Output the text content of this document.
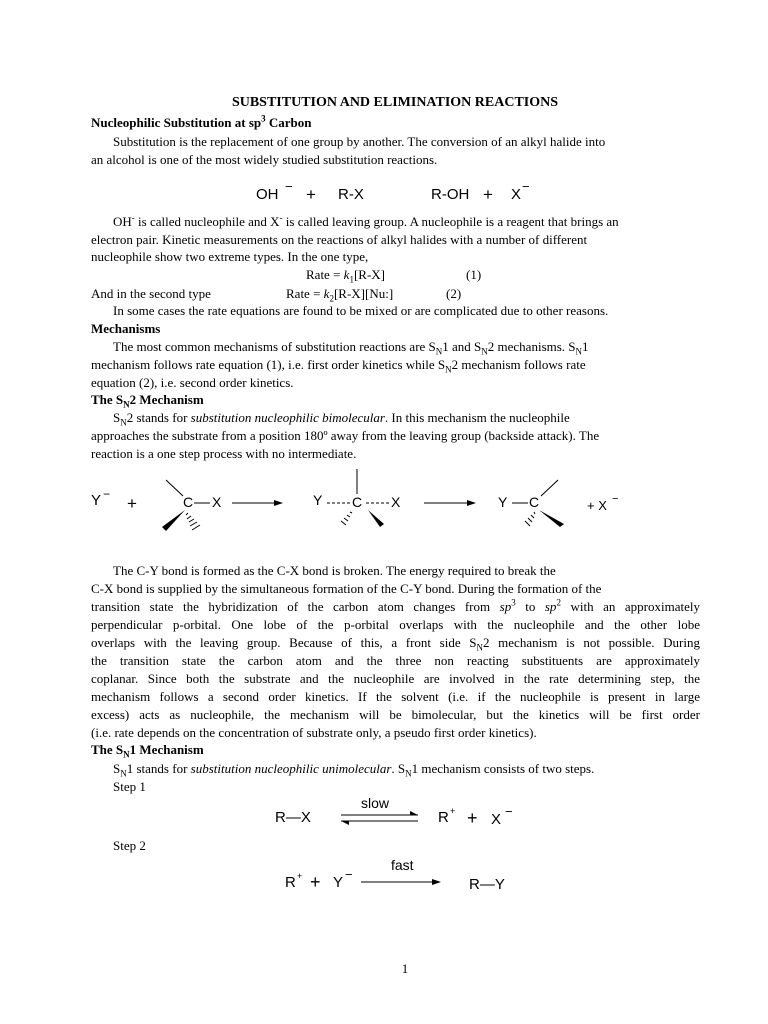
SUBSTITUTION AND ELIMINATION REACTIONS
Nucleophilic Substitution at $sp^3$ Carbon
Substitution is the replacement of one group by another. The conversion of an alkyl halide into
an alcohol is one of the most widely studied substitution reactions.
OH − + R-X	R-OH + X −
OH- is called nucleophile and X- is called leaving group. A nucleophile is a reagent that brings an
electron pair. Kinetic measurements on the reactions of alkyl halides with a number of different
nucleophile show two extreme types. In the one type,
Rate = $k_1[R-X]$	(1)
And in the second type	Rate = $k_2[R-X][Nu:]$	(2)
In some cases the rate equations are found to be mixed or are complicated due to other reasons.
Mechanisms
The most common mechanisms of substitution reactions are $S_N1$ and $S_N2$ mechanisms. $S_N1$
mechanism follows rate equation (1), i.e. first order kinetics while $S_N2$ mechanism follows rate
equation (2), i.e. second order kinetics.
The $S_N2$ Mechanism
$S_N2$ stands for substitution nucleophilic bimolecular. In this mechanism the nucleophile
approaches the substrate from a position 180º away from the leaving group (backside attack). The
reaction is a one step process with no intermediate.
Y − +	C X	Y C X	Y C	+ X −
The C-Y bond is formed as the C-X bond is broken. The energy required to break the
C-X bond is supplied by the simultaneous formation of the C-Y bond. During the formation of the
transition state the hybridization of the carbon atom changes from $sp^3$ to $sp^2$ with an approximately
perpendicular p-orbital. One lobe of the p-orbital overlaps with the nucleophile and the other lobe
overlaps with the leaving group. Because of this, a front side $S_N2$ mechanism is not possible. During
the transition state the carbon atom and the three non reacting substituents are approximately
coplanar. Since both the substrate and the nucleophile are involved in the rate determining step, the
mechanism follows a second order kinetics. If the solvent (i.e. if the nucleophile is present in large
excess) acts as nucleophile, the mechanism will be bimolecular, but the kinetics will be first order
(i.e. rate depends on the concentration of substrate only, a pseudo first order kinetics).
The $S_N1$ Mechanism
$S_N1$ stands for substitution nucleophilic unimolecular. $S_N1$ mechanism consists of two steps.
Step 1
R—X
slow
R + + X −
Step 2
R + + Y −
fast
R—Y
1
